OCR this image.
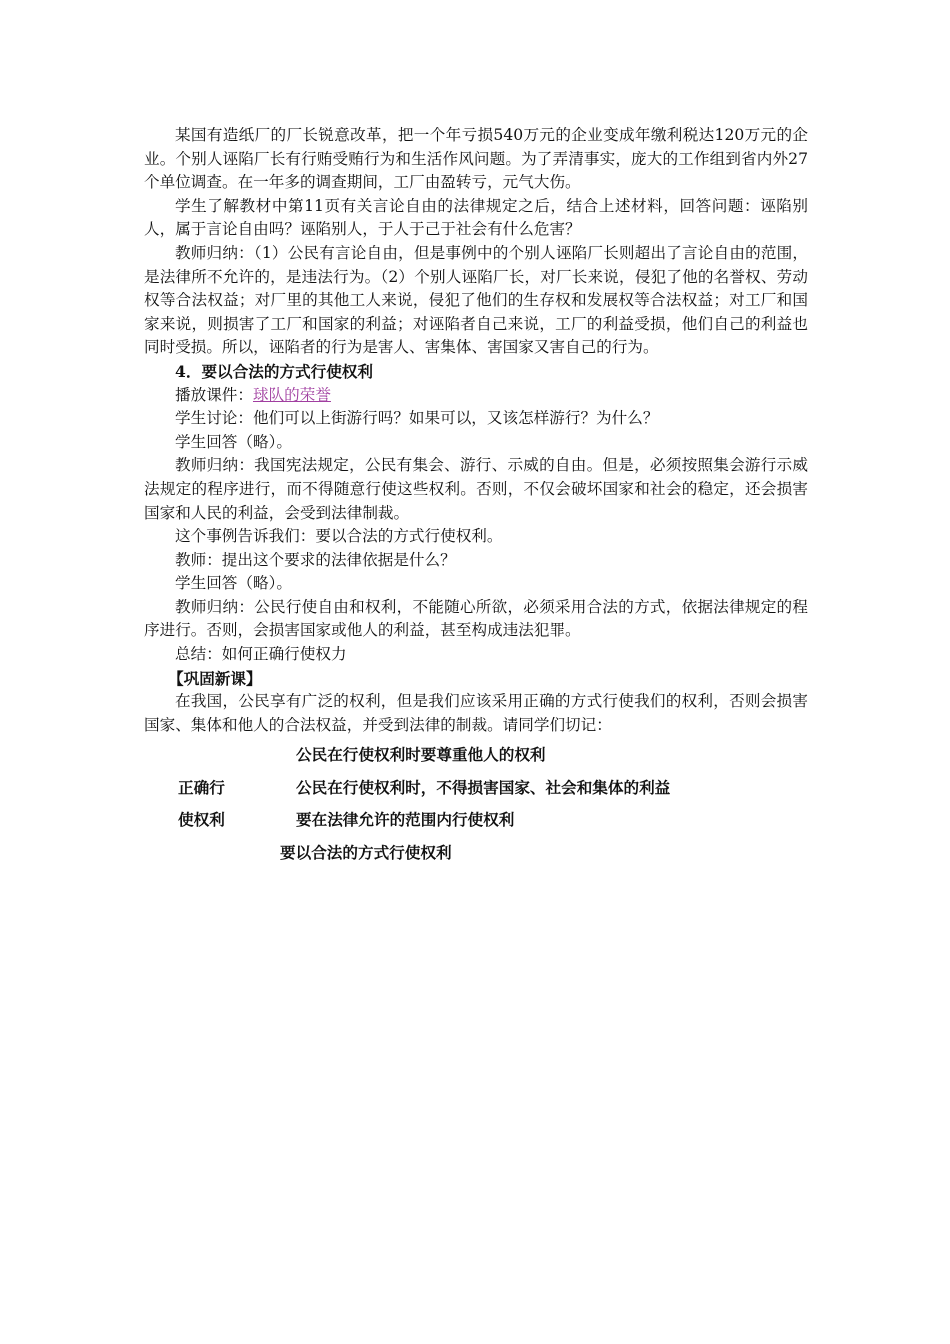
某国有造纸厂的厂长锐意改革，把一个年亏损540万元的企业变成年缴利税达120万元的企业。个别人诬陷厂长有行贿受贿行为和生活作风问题。为了弄清事实，庞大的工作组到省内外27个单位调查。在一年多的调查期间，工厂由盈转亏，元气大伤。

学生了解教材中第11页有关言论自由的法律规定之后，结合上述材料，回答问题：诬陷别人，属于言论自由吗？诬陷别人，于人于己于社会有什么危害？

教师归纳：（1）公民有言论自由，但是事例中的个别人诬陷厂长则超出了言论自由的范围，是法律所不允许的，是违法行为。（2）个别人诬陷厂长，对厂长来说，侵犯了他的名誉权、劳动权等合法权益；对厂里的其他工人来说，侵犯了他们的生存权和发展权等合法权益；对工厂和国家来说，则损害了工厂和国家的利益；对诬陷者自己来说，工厂的利益受损，他们自己的利益也同时受损。所以，诬陷者的行为是害人、害集体、害国家又害自己的行为。

4．要以合法的方式行使权利

播放课件：球队的荣誉

学生讨论：他们可以上街游行吗？如果可以，又该怎样游行？为什么？

学生回答（略）。

教师归纳：我国宪法规定，公民有集会、游行、示威的自由。但是，必须按照集会游行示威法规定的程序进行，而不得随意行使这些权利。否则，不仅会破坏国家和社会的稳定，还会损害国家和人民的利益，会受到法律制裁。

这个事例告诉我们：要以合法的方式行使权利。

教师：提出这个要求的法律依据是什么？

学生回答（略）。

教师归纳：公民行使自由和权利，不能随心所欲，必须采用合法的方式，依据法律规定的程序进行。否则，会损害国家或他人的利益，甚至构成违法犯罪。

总结：如何正确行使权力

【巩固新课】

在我国，公民享有广泛的权利，但是我们应该采用正确的方式行使我们的权利，否则会损害国家、集体和他人的合法权益，并受到法律的制裁。请同学们切记：

公民在行使权利时要尊重他人的权利
正确行	公民在行使权利时，不得损害国家、社会和集体的利益
使权利	要在法律允许的范围内行使权利
要以合法的方式行使权利
